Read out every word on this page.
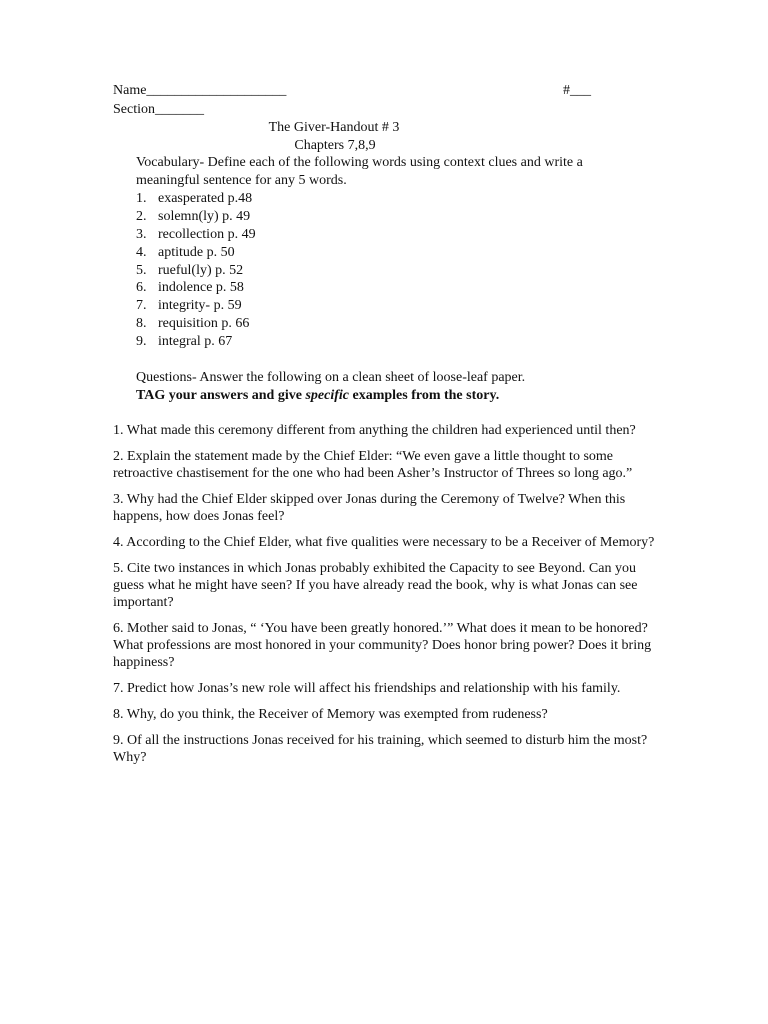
Name____________________	#___
Section_______
The Giver-Handout # 3
Chapters 7,8,9
Vocabulary- Define each of the following words using context clues and write a meaningful sentence for any 5 words.
1. exasperated p.48
2. solemn(ly) p. 49
3. recollection p. 49
4. aptitude p. 50
5. rueful(ly) p. 52
6. indolence p. 58
7. integrity- p. 59
8. requisition p. 66
9. integral p. 67
Questions- Answer the following on a clean sheet of loose-leaf paper.
TAG your answers and give specific examples from the story.

1. What made this ceremony different from anything the children had experienced until then?

2. Explain the statement made by the Chief Elder: “We even gave a little thought to some retroactive chastisement for the one who had been Asher’s Instructor of Threes so long ago.”

3. Why had the Chief Elder skipped over Jonas during the Ceremony of Twelve? When this happens, how does Jonas feel?

4. According to the Chief Elder, what five qualities were necessary to be a Receiver of Memory?

5. Cite two instances in which Jonas probably exhibited the Capacity to see Beyond. Can you guess what he might have seen? If you have already read the book, why is what Jonas can see important?

6. Mother said to Jonas, “ ‘You have been greatly honored.’” What does it mean to be honored? What professions are most honored in your community? Does honor bring power? Does it bring happiness?

7. Predict how Jonas’s new role will affect his friendships and relationship with his family.

8. Why, do you think, the Receiver of Memory was exempted from rudeness?

9. Of all the instructions Jonas received for his training, which seemed to disturb him the most? Why?
